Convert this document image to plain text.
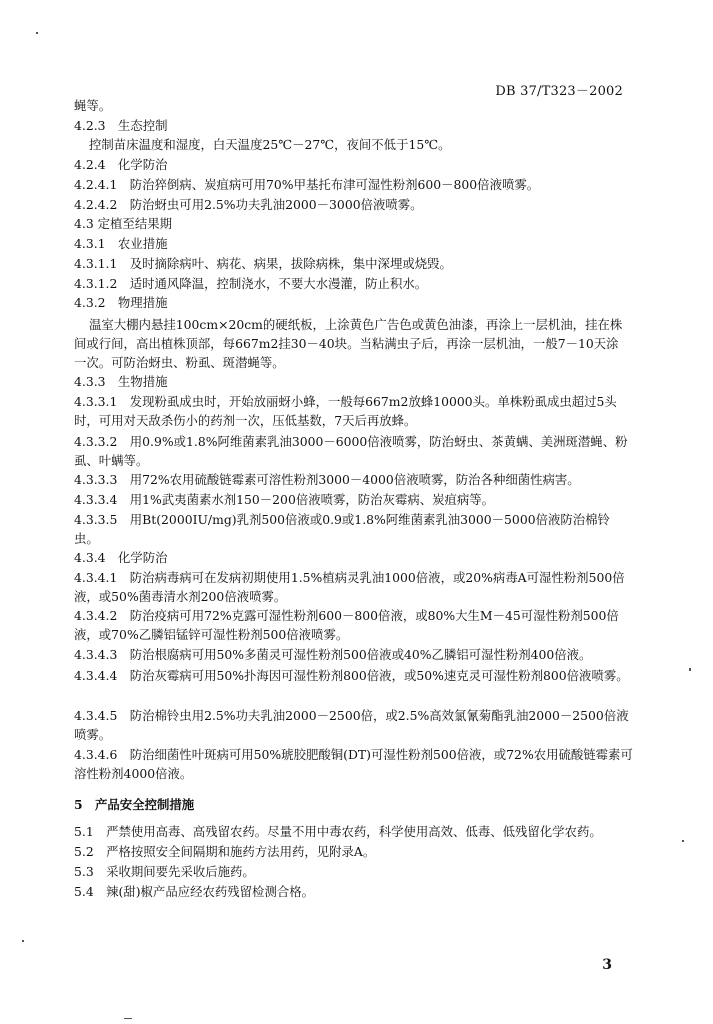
DB 37/T323－2002
蝇等。
4.2.3　生态控制
控制苗床温度和湿度，白天温度25℃－27℃，夜间不低于15℃。
4.2.4　化学防治
4.2.4.1　防治猝倒病、炭疽病可用70%甲基托布津可湿性粉剂600－800倍液喷雾。
4.2.4.2　防治蚜虫可用2.5%功夫乳油2000－3000倍液喷雾。
4.3 定植至结果期
4.3.1　农业措施
4.3.1.1　及时摘除病叶、病花、病果，拔除病株，集中深埋或烧毁。
4.3.1.2　适时通风降温，控制浇水，不要大水漫灌，防止积水。
4.3.2　物理措施
温室大棚内悬挂100cm×20cm的硬纸板，上涂黄色广告色或黄色油漆，再涂上一层机油，挂在株间或行间，高出植株顶部，每667m2挂30－40块。当粘满虫子后，再涂一层机油，一般7－10天涂一次。可防治蚜虫、粉虱、斑潜蝇等。
4.3.3　生物措施
4.3.3.1　发现粉虱成虫时，开始放丽蚜小蜂，一般每667m2放蜂10000头。单株粉虱成虫超过5头时，可用对天敌杀伤小的药剂一次，压低基数，7天后再放蜂。
4.3.3.2　用0.9%或1.8%阿维菌素乳油3000－6000倍液喷雾，防治蚜虫、茶黄螨、美洲斑潜蝇、粉虱、叶螨等。
4.3.3.3　用72%农用硫酸链霉素可溶性粉剂3000－4000倍液喷雾，防治各种细菌性病害。
4.3.3.4　用1%武夷菌素水剂150－200倍液喷雾，防治灰霉病、炭疽病等。
4.3.3.5　用Bt(2000IU/mg)乳剂500倍液或0.9或1.8%阿维菌素乳油3000－5000倍液防治棉铃虫。
4.3.4　化学防治
4.3.4.1　防治病毒病可在发病初期使用1.5%植病灵乳油1000倍液，或20%病毒A可湿性粉剂500倍液，或50%菌毒清水剂200倍液喷雾。
4.3.4.2　防治疫病可用72%克露可湿性粉剂600－800倍液，或80%大生M－45可湿性粉剂500倍液，或70%乙膦铝锰锌可湿性粉剂500倍液喷雾。
4.3.4.3　防治根腐病可用50%多菌灵可湿性粉剂500倍液或40%乙膦铝可湿性粉剂400倍液。
4.3.4.4　防治灰霉病可用50%扑海因可湿性粉剂800倍液，或50%速克灵可湿性粉剂800倍液喷雾。
4.3.4.5　防治棉铃虫用2.5%功夫乳油2000－2500倍，或2.5%高效氯氰菊酯乳油2000－2500倍液喷雾。
4.3.4.6　防治细菌性叶斑病可用50%琥胶肥酸铜(DT)可湿性粉剂500倍液，或72%农用硫酸链霉素可溶性粉剂4000倍液。
5　产品安全控制措施
5.1　严禁使用高毒、高残留农药。尽量不用中毒农药，科学使用高效、低毒、低残留化学农药。
5.2　严格按照安全间隔期和施药方法用药，见附录A。
5.3　采收期间要先采收后施药。
5.4　辣(甜)椒产品应经农药残留检测合格。
3
